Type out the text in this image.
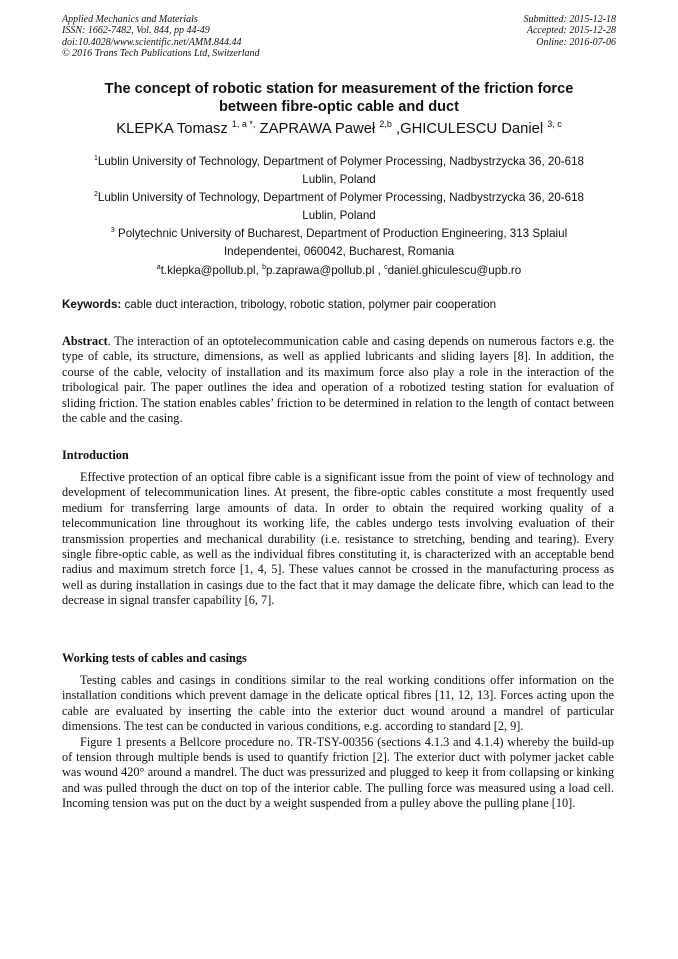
Applied Mechanics and Materials
ISSN: 1662-7482, Vol. 844, pp 44-49
doi:10.4028/www.scientific.net/AMM.844.44
© 2016 Trans Tech Publications Ltd, Switzerland
Submitted: 2015-12-18
Accepted: 2015-12-28
Online: 2016-07-06
The concept of robotic station for measurement of the friction force
between fibre-optic cable and duct
KLEPKA Tomasz $^{1, a *,}$ ZAPRAWA Paweł $^{2,b}$ ,GHICULESCU Daniel $^{3, c}$
$^1$Lublin University of Technology, Department of Polymer Processing, Nadbystrzycka 36, 20-618
Lublin, Poland
$^2$Lublin University of Technology, Department of Polymer Processing, Nadbystrzycka 36, 20-618
Lublin, Poland
$^3$ Polytechnic University of Bucharest, Department of Production Engineering, 313 Splaiul
Independentei, 060042, Bucharest, Romania
$^a$t.klepka@pollub.pl, $^b$p.zaprawa@pollub.pl , $^c$daniel.ghiculescu@upb.ro
Keywords: cable duct interaction, tribology, robotic station, polymer pair cooperation

Abstract. The interaction of an optotelecommunication cable and casing depends on numerous factors e.g. the type of cable, its structure, dimensions, as well as applied lubricants and sliding layers [8]. In addition, the course of the cable, velocity of installation and its maximum force also play a role in the interaction of the tribological pair. The paper outlines the idea and operation of a robotized testing station for evaluation of sliding friction. The station enables cables’ friction to be determined in relation to the length of contact between the cable and the casing.

Introduction

Effective protection of an optical fibre cable is a significant issue from the point of view of technology and development of telecommunication lines. At present, the fibre-optic cables constitute a most frequently used medium for transferring large amounts of data. In order to obtain the required working quality of a telecommunication line throughout its working life, the cables undergo tests involving evaluation of their transmission properties and mechanical durability (i.e. resistance to stretching, bending and tearing). Every single fibre-optic cable, as well as the individual fibres constituting it, is characterized with an acceptable bend radius and maximum stretch force [1, 4, 5]. These values cannot be crossed in the manufacturing process as well as during installation in casings due to the fact that it may damage the delicate fibre, which can lead to the decrease in signal transfer capability [6, 7].

Working tests of cables and casings

Testing cables and casings in conditions similar to the real working conditions offer information on the installation conditions which prevent damage in the delicate optical fibres [11, 12, 13]. Forces acting upon the cable are evaluated by inserting the cable into the exterior duct wound around a mandrel of particular dimensions. The test can be conducted in various conditions, e.g. according to standard [2, 9].

Figure 1 presents a Bellcore procedure no. TR-TSY-00356 (sections 4.1.3 and 4.1.4) whereby the build-up of tension through multiple bends is used to quantify friction [2]. The exterior duct with polymer jacket cable was wound 420° around a mandrel. The duct was pressurized and plugged to keep it from collapsing or kinking and was pulled through the duct on top of the interior cable. The pulling force was measured using a load cell. Incoming tension was put on the duct by a weight suspended from a pulley above the pulling plane [10].
